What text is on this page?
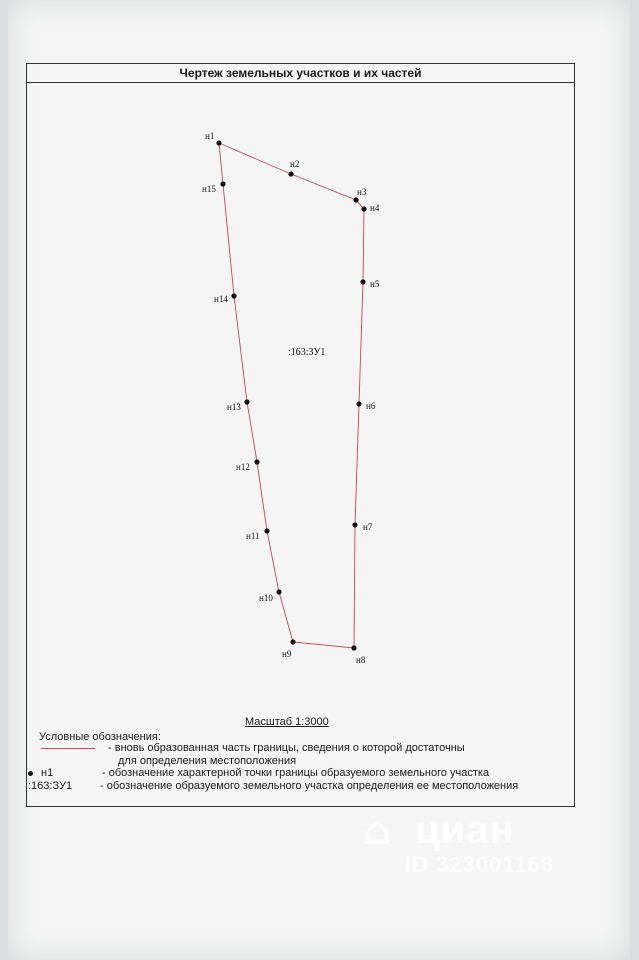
Чертеж земельных участков и их частей
н1
н2
н3
н4
н5
н6
н7
н8
н9
н10
н11
н12
н13
н14
н15
:163:ЗУ1
Масштаб 1:3000
Условные обозначения:
- вновь образованная часть границы, сведения о которой достаточны
для определения местоположения
н1	- обозначение характерной точки границы образуемого земельного участка
:163:ЗУ1	- обозначение образуемого земельного участка определения ее местоположения
⌂ циан
ID 323001168
